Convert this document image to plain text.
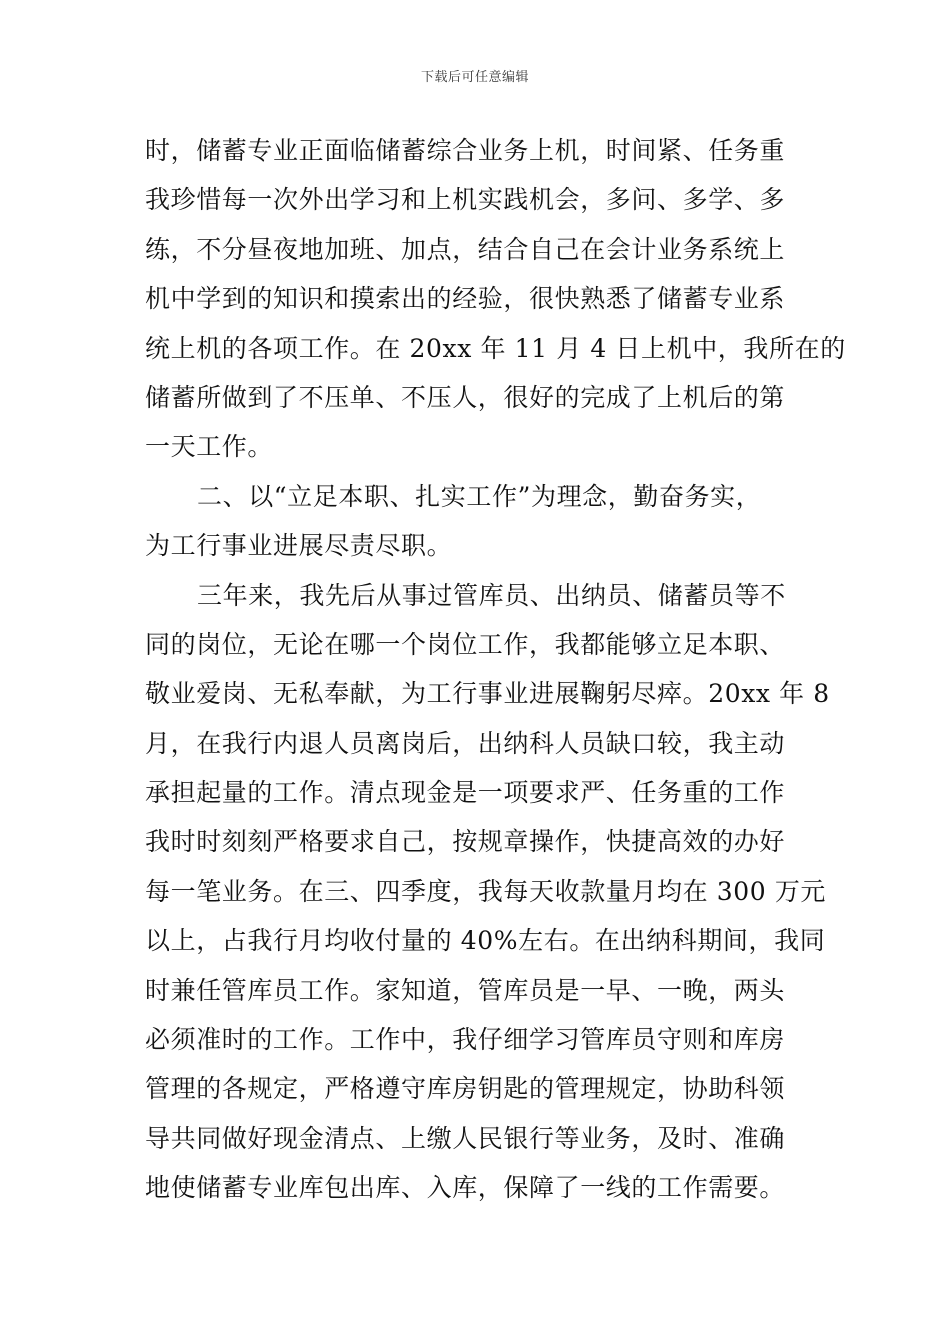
下载后可任意编辑
时，储蓄专业正面临储蓄综合业务上机，时间紧、任务重
我珍惜每一次外出学习和上机实践机会，多问、多学、多
练，不分昼夜地加班、加点，结合自己在会计业务系统上
机中学到的知识和摸索出的经验，很快熟悉了储蓄专业系
统上机的各项工作。在 20xx 年 11 月 4 日上机中，我所在的
储蓄所做到了不压单、不压人，很好的完成了上机后的第
一天工作。
二、以“立足本职、扎实工作”为理念，勤奋务实，
为工行事业进展尽责尽职。
三年来，我先后从事过管库员、出纳员、储蓄员等不
同的岗位，无论在哪一个岗位工作，我都能够立足本职、
敬业爱岗、无私奉献，为工行事业进展鞠躬尽瘁。20xx 年 8
月，在我行内退人员离岗后，出纳科人员缺口较，我主动
承担起量的工作。清点现金是一项要求严、任务重的工作
我时时刻刻严格要求自己，按规章操作，快捷高效的办好
每一笔业务。在三、四季度，我每天收款量月均在 300 万元
以上，占我行月均收付量的 40%左右。在出纳科期间，我同
时兼任管库员工作。家知道，管库员是一早、一晚，两头
必须准时的工作。工作中，我仔细学习管库员守则和库房
管理的各规定，严格遵守库房钥匙的管理规定，协助科领
导共同做好现金清点、上缴人民银行等业务，及时、准确
地使储蓄专业库包出库、入库，保障了一线的工作需要。
